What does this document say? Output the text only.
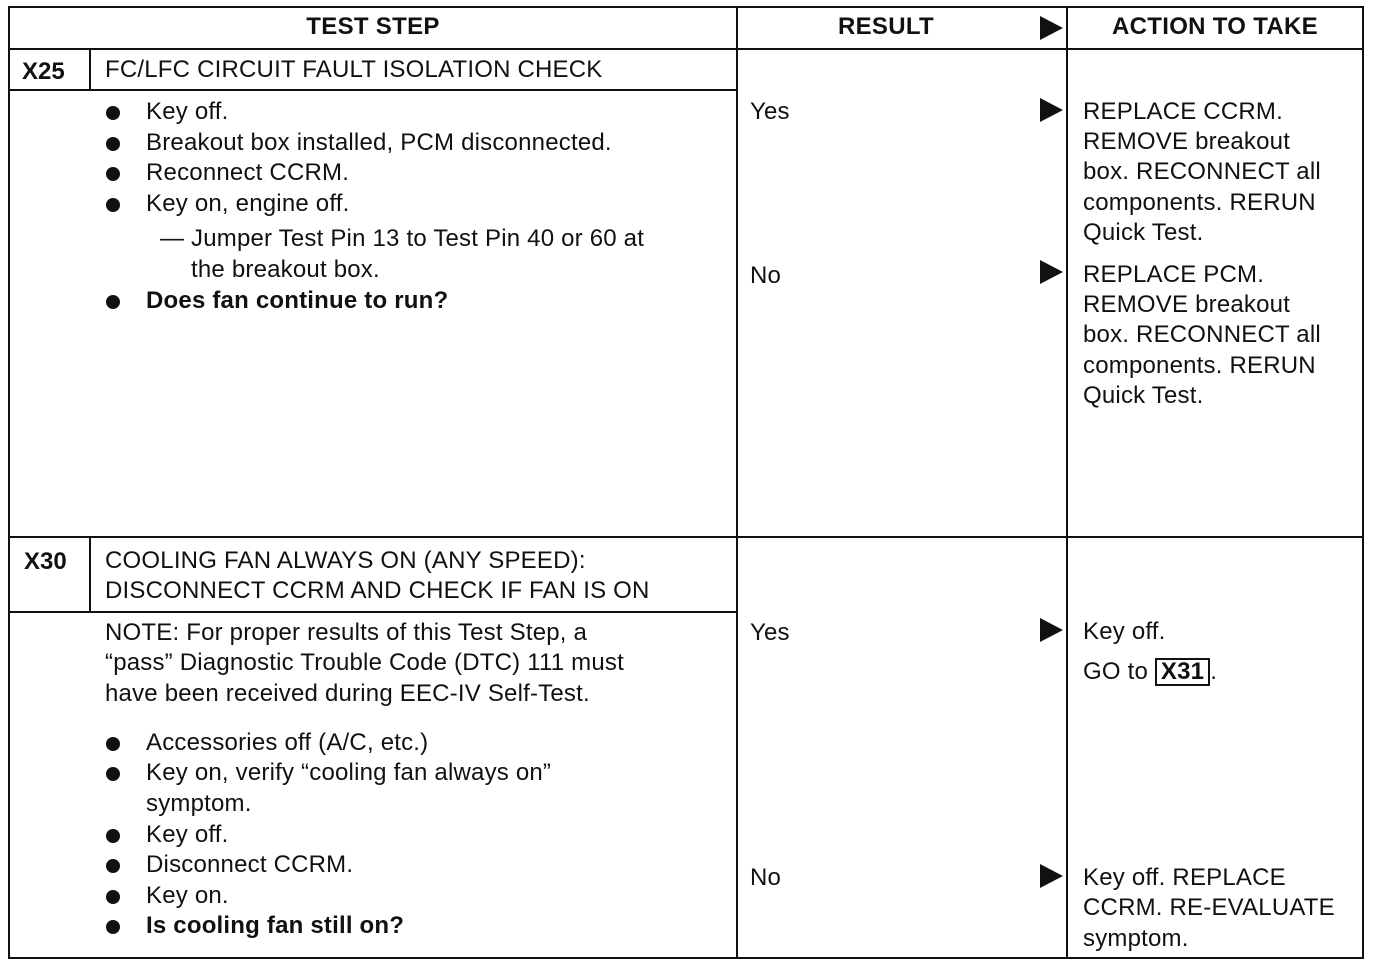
TEST STEP	RESULT	ACTION TO TAKE
X25 FC/LFC CIRCUIT FAULT ISOLATION CHECK
Key off.
Breakout box installed, PCM disconnected.
Reconnect CCRM.
Key on, engine off.
— Jumper Test Pin 13 to Test Pin 40 or 60 at
the breakout box.
Does fan continue to run?
Yes	REPLACE CCRM.
REMOVE breakout
box. RECONNECT all
components. RERUN
Quick Test.
No	REPLACE PCM.
REMOVE breakout
box. RECONNECT all
components. RERUN
Quick Test.
X30 COOLING FAN ALWAYS ON (ANY SPEED):
DISCONNECT CCRM AND CHECK IF FAN IS ON
NOTE: For proper results of this Test Step, a
“pass” Diagnostic Trouble Code (DTC) 111 must
have been received during EEC-IV Self-Test.
Accessories off (A/C, etc.)
Key on, verify “cooling fan always on”
symptom.
Key off.
Disconnect CCRM.
Key on.
Is cooling fan still on?
Yes	Key off.
GO to X31 .
No	Key off. REPLACE
CCRM. RE-EVALUATE
symptom.
